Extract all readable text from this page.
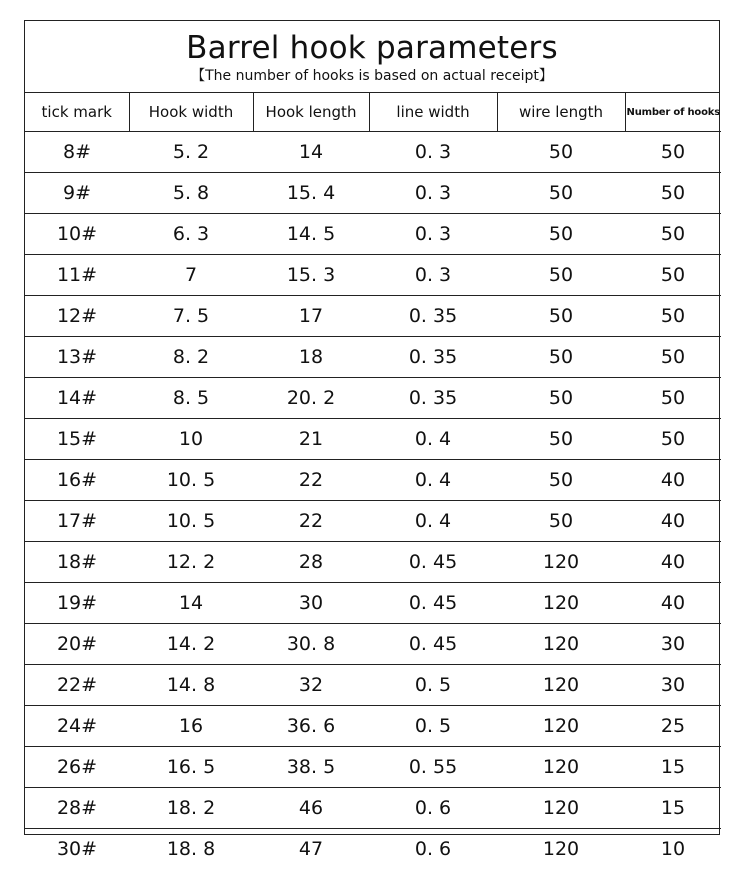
Barrel hook parameters
【The number of hooks is based on actual receipt】
tick mark	Hook width	Hook length	line width	wire length	Number of hooks
8#	5. 2	14	0. 3	50	50
9#	5. 8	15. 4	0. 3	50	50
10#	6. 3	14. 5	0. 3	50	50
11#	7	15. 3	0. 3	50	50
12#	7. 5	17	0. 35	50	50
13#	8. 2	18	0. 35	50	50
14#	8. 5	20. 2	0. 35	50	50
15#	10	21	0. 4	50	50
16#	10. 5	22	0. 4	50	40
17#	10. 5	22	0. 4	50	40
18#	12. 2	28	0. 45	120	40
19#	14	30	0. 45	120	40
20#	14. 2	30. 8	0. 45	120	30
22#	14. 8	32	0. 5	120	30
24#	16	36. 6	0. 5	120	25
26#	16. 5	38. 5	0. 55	120	15
28#	18. 2	46	0. 6	120	15
30#	18. 8	47	0. 6	120	10
